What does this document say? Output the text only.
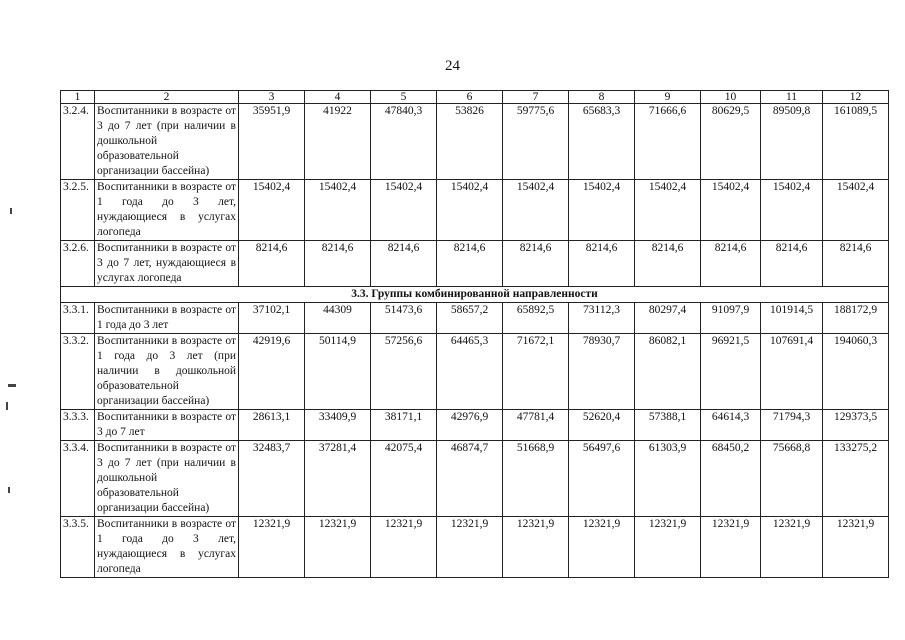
24
1	2	3	4	5	6	7	8	9	10	11	12
3.2.4.	Воспитанники в возрасте от 3 до 7 лет (при наличии в дошкольной образовательной организации бассейна)	35951,9	41922	47840,3	53826	59775,6	65683,3	71666,6	80629,5	89509,8	161089,5
3.2.5.	Воспитанники в возрасте от 1 года до 3 лет, нуждающиеся в услугах логопеда	15402,4	15402,4	15402,4	15402,4	15402,4	15402,4	15402,4	15402,4	15402,4	15402,4
3.2.6.	Воспитанники в возрасте от 3 до 7 лет, нуждающиеся в услугах логопеда	8214,6	8214,6	8214,6	8214,6	8214,6	8214,6	8214,6	8214,6	8214,6	8214,6
3.3. Группы комбинированной направленности											
3.3.1.	Воспитанники в возрасте от 1 года до 3 лет	37102,1	44309	51473,6	58657,2	65892,5	73112,3	80297,4	91097,9	101914,5	188172,9
3.3.2.	Воспитанники в возрасте от 1 года до 3 лет (при наличии в дошкольной образовательной организации бассейна)	42919,6	50114,9	57256,6	64465,3	71672,1	78930,7	86082,1	96921,5	107691,4	194060,3
3.3.3.	Воспитанники в возрасте от 3 до 7 лет	28613,1	33409,9	38171,1	42976,9	47781,4	52620,4	57388,1	64614,3	71794,3	129373,5
3.3.4.	Воспитанники в возрасте от 3 до 7 лет (при наличии в дошкольной образовательной организации бассейна)	32483,7	37281,4	42075,4	46874,7	51668,9	56497,6	61303,9	68450,2	75668,8	133275,2
3.3.5.	Воспитанники в возрасте от 1 года до 3 лет, нуждающиеся в услугах логопеда	12321,9	12321,9	12321,9	12321,9	12321,9	12321,9	12321,9	12321,9	12321,9	12321,9
